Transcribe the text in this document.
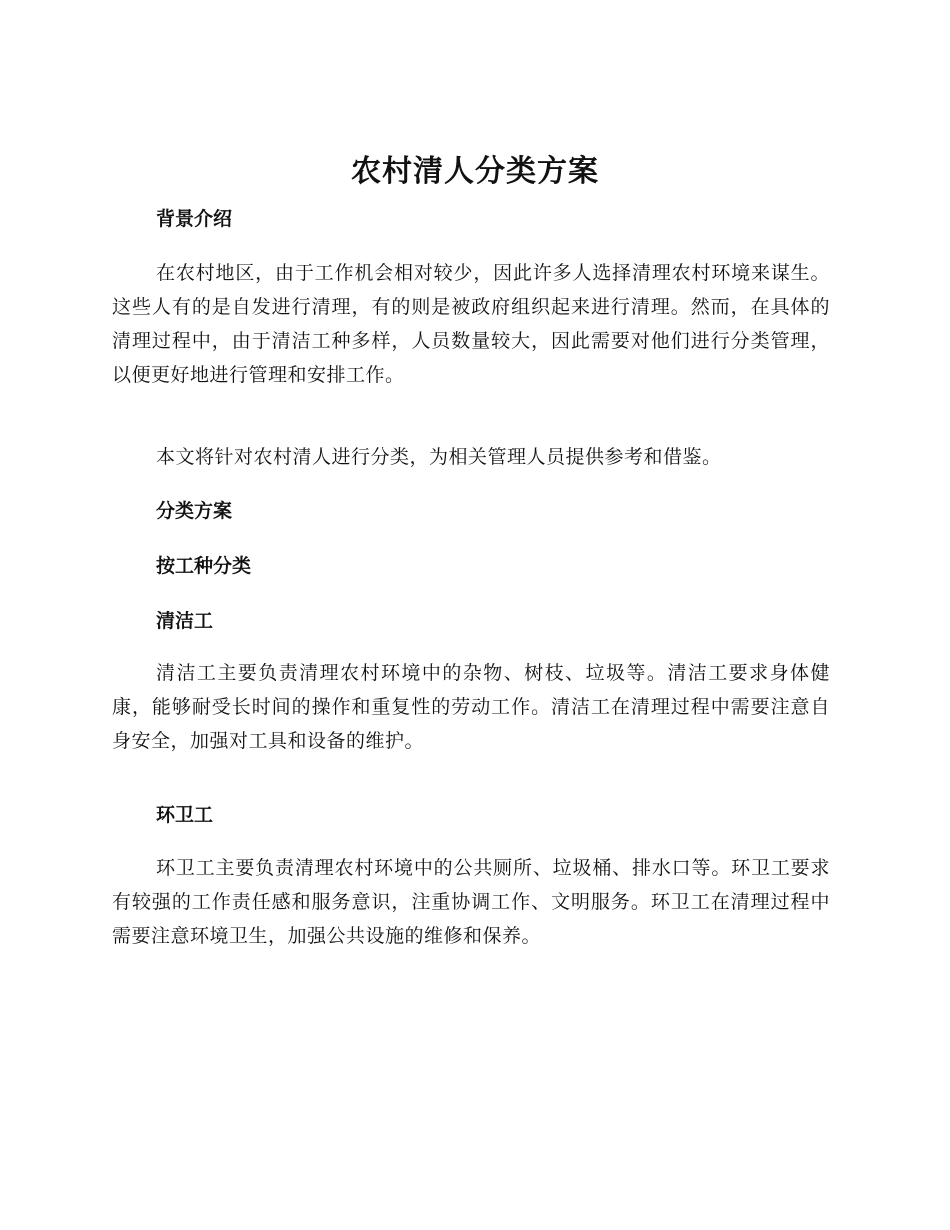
农村清人分类方案
背景介绍

在农村地区，由于工作机会相对较少，因此许多人选择清理农村环境来谋生。这些人有的是自发进行清理，有的则是被政府组织起来进行清理。然而，在具体的清理过程中，由于清洁工种多样，人员数量较大，因此需要对他们进行分类管理，以便更好地进行管理和安排工作。

本文将针对农村清人进行分类，为相关管理人员提供参考和借鉴。

分类方案
按工种分类
清洁工

清洁工主要负责清理农村环境中的杂物、树枝、垃圾等。清洁工要求身体健康，能够耐受长时间的操作和重复性的劳动工作。清洁工在清理过程中需要注意自身安全，加强对工具和设备的维护。

环卫工

环卫工主要负责清理农村环境中的公共厕所、垃圾桶、排水口等。环卫工要求有较强的工作责任感和服务意识，注重协调工作、文明服务。环卫工在清理过程中需要注意环境卫生，加强公共设施的维修和保养。
